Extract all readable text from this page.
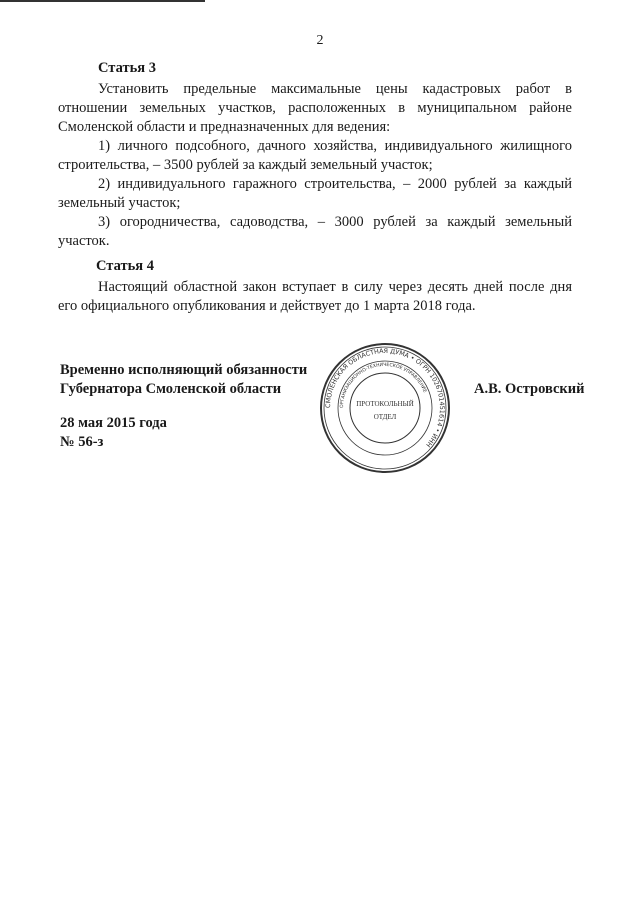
2
Статья 3
Установить предельные максимальные цены кадастровых работ в отношении земельных участков, расположенных в муниципальном районе Смоленской области и предназначенных для ведения:
1) личного подсобного, дачного хозяйства, индивидуального жилищного строительства, – 3500 рублей за каждый земельный участок;
2) индивидуального гаражного строительства, – 2000 рублей за каждый земельный участок;
3) огородничества, садоводства, – 3000 рублей за каждый земельный участок.
Статья 4
Настоящий областной закон вступает в силу через десять дней после дня его официального опубликования и действует до 1 марта 2018 года.
Временно исполняющий обязанности
Губернатора Смоленской области	А.В. Островский
28 мая 2015 года
№ 56-з
СМОЛЕНСКАЯ ОБЛАСТНАЯ ДУМА • ОГРН 1026701451614 • ИНН
ОРГАНИЗАЦИОННО-ТЕХНИЧЕСКОЕ УПРАВЛЕНИЕ
ПРОТОКОЛЬНЫЙ
ОТДЕЛ
